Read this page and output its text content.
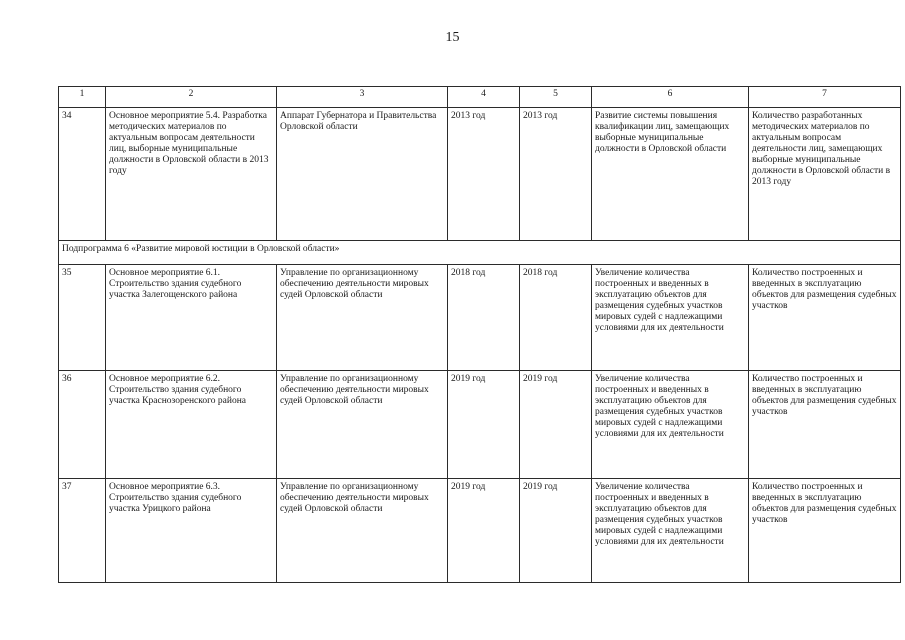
15
1	2	3	4	5	6	7
34	Основное мероприятие 5.4. Разработка методических материалов по актуальным вопросам деятельности лиц, выборные муниципальные должности в Орловской области в 2013 году	Аппарат Губернатора и Правительства Орловской области	2013 год	2013 год	Развитие системы повышения квалификации лиц, замещающих выборные муниципальные должности в Орловской области	Количество разработанных методических материалов по актуальным вопросам деятельности лиц, замещающих выборные муниципальные должности в Орловской области в 2013 году
Подпрограмма 6 «Развитие мировой юстиции в Орловской области»						
35	Основное мероприятие 6.1. Строительство здания судебного участка Залегощенского района	Управление по организационному обеспечению деятельности мировых судей Орловской области	2018 год	2018 год	Увеличение количества построенных и введенных в эксплуатацию объектов для размещения судебных участков мировых судей с надлежащими условиями для их деятельности	Количество построенных и введенных в эксплуатацию объектов для размещения судебных участков
36	Основное мероприятие 6.2. Строительство здания судебного участка Краснозоренского района	Управление по организационному обеспечению деятельности мировых судей Орловской области	2019 год	2019 год	Увеличение количества построенных и введенных в эксплуатацию объектов для размещения судебных участков мировых судей с надлежащими условиями для их деятельности	Количество построенных и введенных в эксплуатацию объектов для размещения судебных участков
37	Основное мероприятие 6.3. Строительство здания судебного участка Урицкого района	Управление по организационному обеспечению деятельности мировых судей Орловской области	2019 год	2019 год	Увеличение количества построенных и введенных в эксплуатацию объектов для размещения судебных участков мировых судей с надлежащими условиями для их деятельности	Количество построенных и введенных в эксплуатацию объектов для размещения судебных участков
